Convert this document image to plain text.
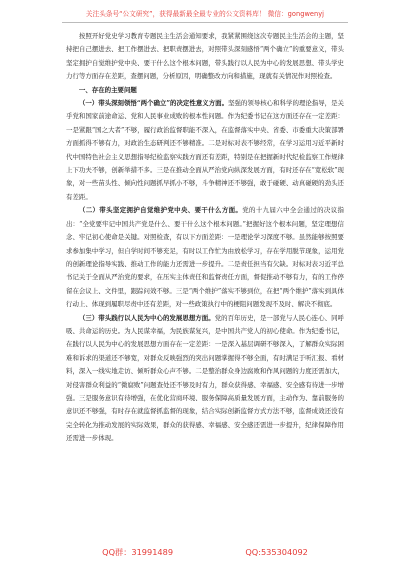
关注头条号“公文研究”，获得最新最全最专业的公文资料库！ 微信：gongwenyj

按照开好党史学习教育专题民主生活会通知要求，我紧紧围绕这次专题民主生活会的主题，坚持把自己摆进去、把工作摆进去、把职责摆进去，对照带头深刻感悟“两个确立”的重要意义，带头坚定拥护自觉维护党中央、要干什么这个根本问题，带头践行以人民为中心的发展思想、带头学史力行等方面存在差距，查摆问题，分析原因，明确整改方向和措施，现就有关情况作对照检查。

一、存在的主要问题

（一）带头深刻领悟“两个确立”的决定性意义方面。坚强的领导核心和科学的理论指导，是关乎党和国家前途命运、党和人民事业成败的根本性问题。作为纪委书记在这方面还存在一定差距：一是紧跟“国之大者”不够，履行政治监督职能不深入，在监督落实中央、省委、市委重大决策部署方面抓得不够有力，对政治生态研判还不够精准。二是对标对表不够经常，在学习运用习近平新时代中国特色社会主义思想指导纪检监察实践方面还有差距，特别是在把握新时代纪检监察工作规律上下功夫不够，创新举措不多。三是在推动全面从严治党向纵深发展方面，有时还存在“宽松软”现象，对一些苗头性、倾向性问题抓早抓小不够，斗争精神还不够强，敢于碰硬、动真碰硬的劲头还有差距。

（二）带头坚定拥护自觉维护党中央、要干什么方面。党的十九届六中全会通过的决议指出：“全党要牢记中国共产党是什么、要干什么这个根本问题。”把握好这个根本问题，坚定理想信念、牢记初心使命是关键。对照检查，有以下方面差距：一是理论学习深度不够。虽然能够按照要求参加集中学习，但自学时间不够充足，有时以工作忙为由放松学习，存在学用脱节现象，运用党的创新理论指导实践、推动工作的能力还需进一步提升。二是责任担当有欠缺。对标对表习近平总书记关于全面从严治党的要求，在压实主体责任和监督责任方面，督促推动不够有力，有的工作停留在会议上、文件里，跟踪问效不够。三是“两个维护”落实不够到位，在把“两个维护”落实到具体行动上、体现到履职尽责中还有差距，对一些政策执行中的梗阻问题发现不及时、解决不彻底。

（三）带头践行以人民为中心的发展思想方面。党的百年历史，是一部党与人民心连心、同呼吸、共命运的历史。为人民谋幸福，为民族谋复兴，是中国共产党人的初心使命。作为纪委书记，在践行以人民为中心的发展思想方面存在一定差距：一是深入基层调研不够深入，了解群众实际困难和诉求的渠道还不够宽，对群众反映强烈的突出问题掌握得不够全面，有时满足于听汇报、看材料，深入一线实地走访、倾听群众心声不够。二是整治群众身边腐败和作风问题的力度还需加大，对侵害群众利益的“微腐败”问题查处还不够及时有力，群众获得感、幸福感、安全感有待进一步增强。三是服务意识有待增强，在优化营商环境、服务保障高质量发展方面，主动作为、靠前服务的意识还不够强，有时存在就监督抓监督的现象，结合实际创新监督方式方法不够，监督成效还没有完全转化为推动发展的实际效果，群众的获得感、幸福感、安全感还需进一步提升，纪律保障作用还需进一步体现。

QQ群：31991489	QQ:535304092
